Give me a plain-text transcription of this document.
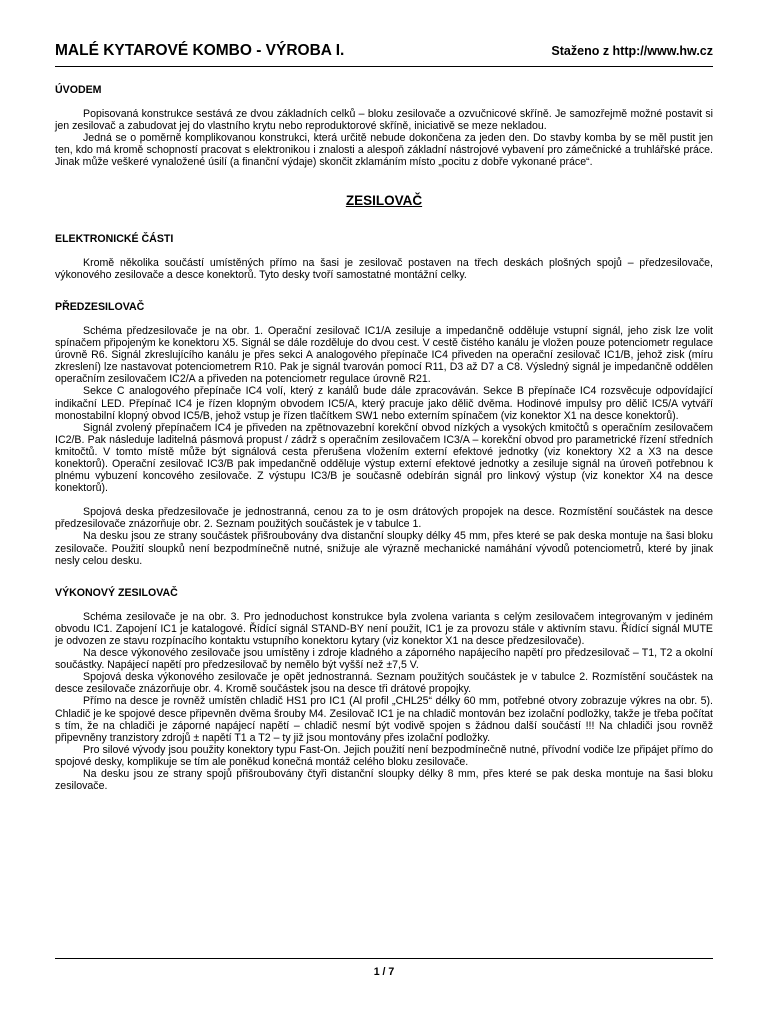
MALÉ KYTAROVÉ KOMBO - VÝROBA I.	Staženo z http://www.hw.cz
ÚVODEM

Popisovaná konstrukce sestává ze dvou základních celků – bloku zesilovače a ozvučnicové skříně. Je samozřejmě možné postavit si jen zesilovač a zabudovat jej do vlastního krytu nebo reproduktorové skříně, iniciativě se meze nekladou.

Jedná se o poměrně komplikovanou konstrukci, která určitě nebude dokončena za jeden den. Do stavby komba by se měl pustit jen ten, kdo má kromě schopností pracovat s elektronikou i znalosti a alespoň základní nástrojové vybavení pro zámečnické a truhlářské práce. Jinak může veškeré vynaložené úsilí (a finanční výdaje) skončit zklamáním místo „pocitu z dobře vykonané práce“.

ZESILOVAČ
ELEKTRONICKÉ ČÁSTI

Kromě několika součástí umístěných přímo na šasi je zesilovač postaven na třech deskách plošných spojů – předzesilovače, výkonového zesilovače a desce konektorů. Tyto desky tvoří samostatné montážní celky.

PŘEDZESILOVAČ

Schéma předzesilovače je na obr. 1. Operační zesilovač IC1/A zesiluje a impedančně odděluje vstupní signál, jeho zisk lze volit spínačem připojeným ke konektoru X5. Signál se dále rozděluje do dvou cest. V cestě čistého kanálu je vložen pouze potenciometr regulace úrovně R6. Signál zkreslujícího kanálu je přes sekci A analogového přepínače IC4 přiveden na operační zesilovač IC1/B, jehož zisk (míru zkreslení) lze nastavovat potenciometrem R10. Pak je signál tvarován pomocí R11, D3 až D7 a C8. Výsledný signál je impedančně oddělen operačním zesilovačem IC2/A a přiveden na potenciometr regulace úrovně R21.

Sekce C analogového přepínače IC4 volí, který z kanálů bude dále zpracováván. Sekce B přepínače IC4 rozsvěcuje odpovídající indikační LED. Přepínač IC4 je řízen klopným obvodem IC5/A, který pracuje jako dělič dvěma. Hodinové impulsy pro dělič IC5/A vytváří monostabilní klopný obvod IC5/B, jehož vstup je řízen tlačítkem SW1 nebo externím spínačem (viz konektor X1 na desce konektorů).

Signál zvolený přepínačem IC4 je přiveden na zpětnovazební korekční obvod nízkých a vysokých kmitočtů s operačním zesilovačem IC2/B. Pak následuje laditelná pásmová propust / zádrž s operačním zesilovačem IC3/A – korekční obvod pro parametrické řízení středních kmitočtů. V tomto místě může být signálová cesta přerušena vložením externí efektové jednotky (viz konektory X2 a X3 na desce konektorů). Operační zesilovač IC3/B pak impedančně odděluje výstup externí efektové jednotky a zesiluje signál na úroveň potřebnou k plnému vybuzení koncového zesilovače. Z výstupu IC3/B je současně odebírán signál pro linkový výstup (viz konektor X4 na desce konektorů).

Spojová deska předzesilovače je jednostranná, cenou za to je osm drátových propojek na desce. Rozmístění součástek na desce předzesilovače znázorňuje obr. 2. Seznam použitých součástek je v tabulce 1.

Na desku jsou ze strany součástek přišroubovány dva distanční sloupky délky 45 mm, přes které se pak deska montuje na šasi bloku zesilovače. Použití sloupků není bezpodmínečně nutné, snižuje ale výrazně mechanické namáhání vývodů potenciometrů, které by jinak nesly celou desku.

VÝKONOVÝ ZESILOVAČ

Schéma zesilovače je na obr. 3. Pro jednoduchost konstrukce byla zvolena varianta s celým zesilovačem integrovaným v jediném obvodu IC1. Zapojení IC1 je katalogové. Řídící signál STAND-BY není použit, IC1 je za provozu stále v aktivním stavu. Řídící signál MUTE je odvozen ze stavu rozpínacího kontaktu vstupního konektoru kytary (viz konektor X1 na desce předzesilovače).

Na desce výkonového zesilovače jsou umístěny i zdroje kladného a záporného napájecího napětí pro předzesilovač – T1, T2 a okolní součástky. Napájecí napětí pro předzesilovač by nemělo být vyšší než ±7,5 V.

Spojová deska výkonového zesilovače je opět jednostranná. Seznam použitých součástek je v tabulce 2. Rozmístění součástek na desce zesilovače znázorňuje obr. 4. Kromě součástek jsou na desce tři drátové propojky.

Přímo na desce je rovněž umístěn chladič HS1 pro IC1 (Al profil „CHL25“ délky 60 mm, potřebné otvory zobrazuje výkres na obr. 5). Chladič je ke spojové desce připevněn dvěma šrouby M4. Zesilovač IC1 je na chladič montován bez izolační podložky, takže je třeba počítat s tím, že na chladiči je záporné napájecí napětí – chladič nesmí být vodivě spojen s žádnou další součástí !!! Na chladiči jsou rovněž připevněny tranzistory zdrojů ± napětí T1 a T2 – ty již jsou montovány přes izolační podložky.

Pro silové vývody jsou použity konektory typu Fast-On. Jejich použití není bezpodmínečně nutné, přívodní vodiče lze připájet přímo do spojové desky, komplikuje se tím ale poněkud konečná montáž celého bloku zesilovače.

Na desku jsou ze strany spojů přišroubovány čtyři distanční sloupky délky 8 mm, přes které se pak deska montuje na šasi bloku zesilovače.

1 / 7
